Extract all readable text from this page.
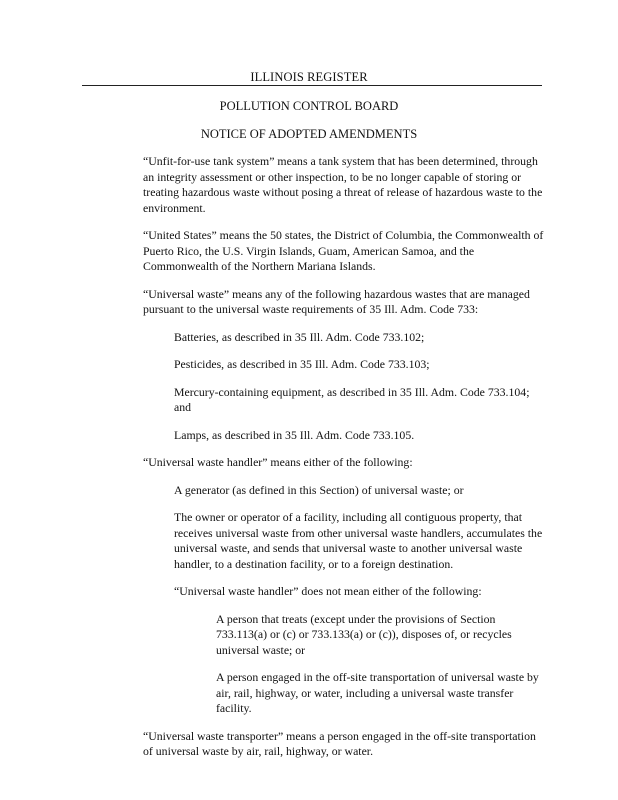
ILLINOIS REGISTER
POLLUTION CONTROL BOARD
NOTICE OF ADOPTED AMENDMENTS

“Unfit-for-use tank system” means a tank system that has been determined, through an integrity assessment or other inspection, to be no longer capable of storing or treating hazardous waste without posing a threat of release of hazardous waste to the environment.

“United States” means the 50 states, the District of Columbia, the Commonwealth of Puerto Rico, the U.S. Virgin Islands, Guam, American Samoa, and the Commonwealth of the Northern Mariana Islands.

“Universal waste” means any of the following hazardous wastes that are managed pursuant to the universal waste requirements of 35 Ill. Adm. Code 733:

Batteries, as described in 35 Ill. Adm. Code 733.102;

Pesticides, as described in 35 Ill. Adm. Code 733.103;

Mercury-containing equipment, as described in 35 Ill. Adm. Code 733.104; and

Lamps, as described in 35 Ill. Adm. Code 733.105.

“Universal waste handler” means either of the following:

A generator (as defined in this Section) of universal waste; or

The owner or operator of a facility, including all contiguous property, that receives universal waste from other universal waste handlers, accumulates the universal waste, and sends that universal waste to another universal waste handler, to a destination facility, or to a foreign destination.

“Universal waste handler” does not mean either of the following:

A person that treats (except under the provisions of Section 733.113(a) or (c) or 733.133(a) or (c)), disposes of, or recycles universal waste; or

A person engaged in the off-site transportation of universal waste by air, rail, highway, or water, including a universal waste transfer facility.

“Universal waste transporter” means a person engaged in the off-site transportation of universal waste by air, rail, highway, or water.
